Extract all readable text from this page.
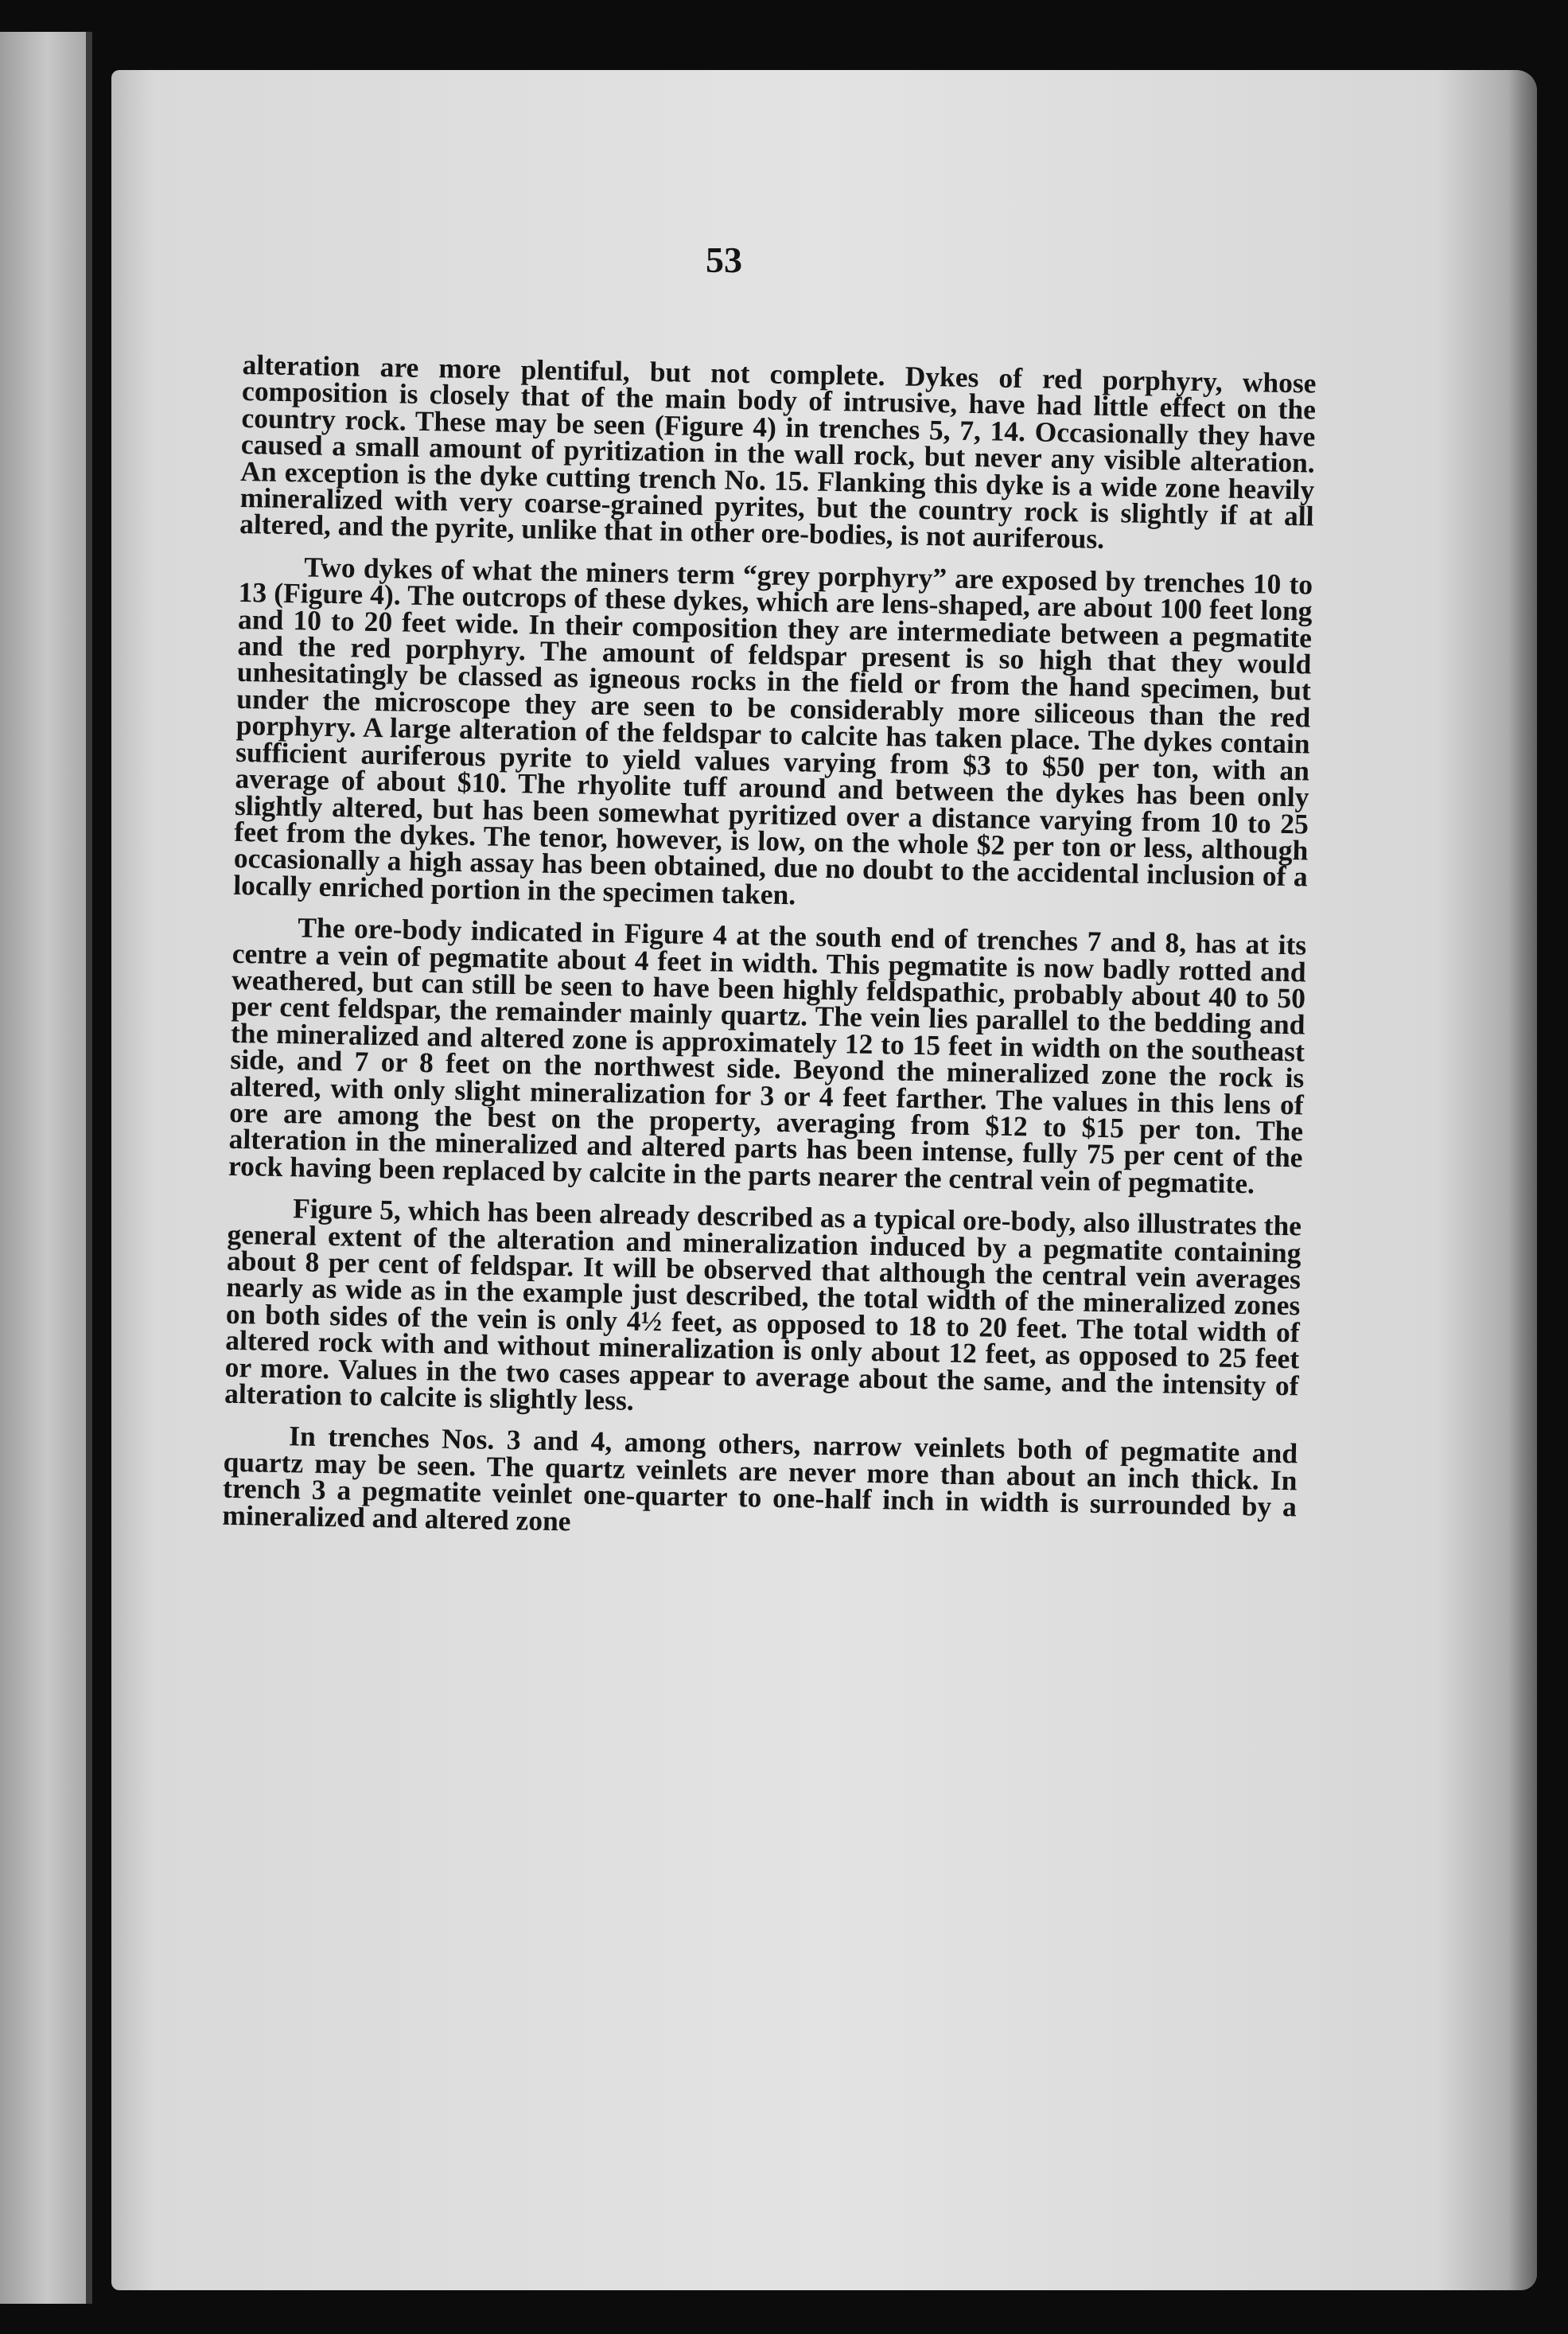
53

alteration are more plentiful, but not complete. Dykes of red porphyry, whose composition is closely that of the main body of intrusive, have had little effect on the country rock. These may be seen (Figure 4) in trenches 5, 7, 14. Occasionally they have caused a small amount of pyritization in the wall rock, but never any visible alteration. An exception is the dyke cutting trench No. 15. Flanking this dyke is a wide zone heavily mineralized with very coarse-grained pyrites, but the country rock is slightly if at all altered, and the pyrite, unlike that in other ore-bodies, is not auriferous.

Two dykes of what the miners term “grey porphyry” are exposed by trenches 10 to 13 (Figure 4). The outcrops of these dykes, which are lens-shaped, are about 100 feet long and 10 to 20 feet wide. In their composition they are intermediate between a pegmatite and the red porphyry. The amount of feldspar present is so high that they would unhesitatingly be classed as igneous rocks in the field or from the hand specimen, but under the microscope they are seen to be considerably more siliceous than the red porphyry. A large alteration of the feldspar to calcite has taken place. The dykes contain sufficient auriferous pyrite to yield values varying from $3 to $50 per ton, with an average of about $10. The rhyolite tuff around and between the dykes has been only slightly altered, but has been somewhat pyritized over a distance varying from 10 to 25 feet from the dykes. The tenor, however, is low, on the whole $2 per ton or less, although occasionally a high assay has been obtained, due no doubt to the accidental inclusion of a locally enriched portion in the specimen taken.

The ore-body indicated in Figure 4 at the south end of trenches 7 and 8, has at its centre a vein of pegmatite about 4 feet in width. This pegmatite is now badly rotted and weathered, but can still be seen to have been highly feldspathic, probably about 40 to 50 per cent feldspar, the remainder mainly quartz. The vein lies parallel to the bedding and the mineralized and altered zone is approximately 12 to 15 feet in width on the southeast side, and 7 or 8 feet on the northwest side. Beyond the mineralized zone the rock is altered, with only slight mineralization for 3 or 4 feet farther. The values in this lens of ore are among the best on the property, averaging from $12 to $15 per ton. The alteration in the mineralized and altered parts has been intense, fully 75 per cent of the rock having been replaced by calcite in the parts nearer the central vein of pegmatite.

Figure 5, which has been already described as a typical ore-body, also illustrates the general extent of the alteration and mineralization induced by a pegmatite containing about 8 per cent of feldspar. It will be observed that although the central vein averages nearly as wide as in the example just described, the total width of the mineralized zones on both sides of the vein is only 4½ feet, as opposed to 18 to 20 feet. The total width of altered rock with and without mineralization is only about 12 feet, as opposed to 25 feet or more. Values in the two cases appear to average about the same, and the intensity of alteration to calcite is slightly less.

In trenches Nos. 3 and 4, among others, narrow veinlets both of pegmatite and quartz may be seen. The quartz veinlets are never more than about an inch thick. In trench 3 a pegmatite veinlet one-quarter to one-half inch in width is surrounded by a mineralized and altered zone
